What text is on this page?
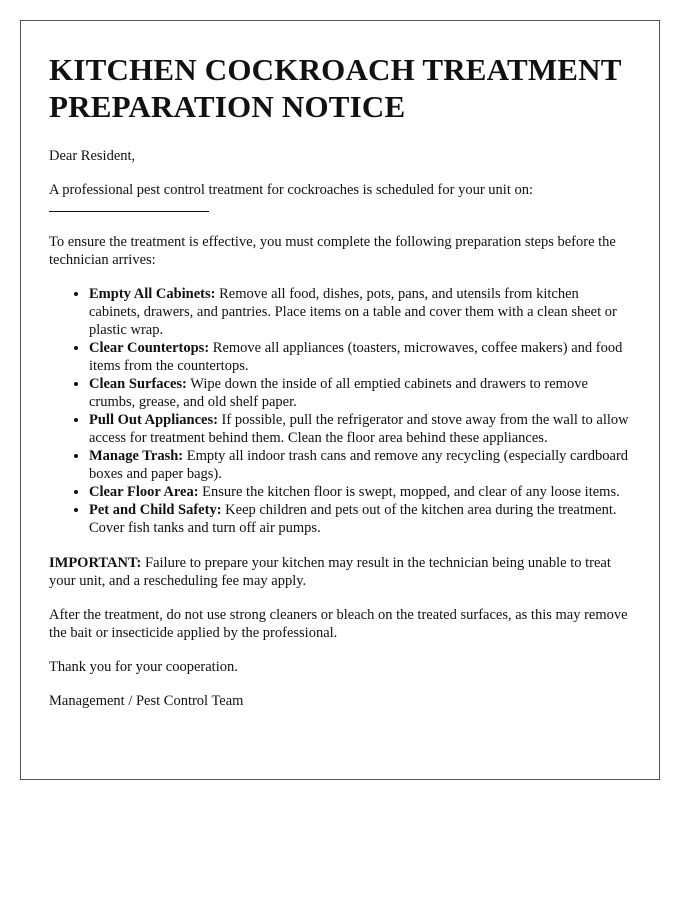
KITCHEN COCKROACH TREATMENT PREPARATION NOTICE

Dear Resident,

A professional pest control treatment for cockroaches is scheduled for your unit on:

To ensure the treatment is effective, you must complete the following preparation steps before the technician arrives:

• Empty All Cabinets: Remove all food, dishes, pots, pans, and utensils from kitchen cabinets, drawers, and pantries. Place items on a table and cover them with a clean sheet or plastic wrap.
• Clear Countertops: Remove all appliances (toasters, microwaves, coffee makers) and food items from the countertops.
• Clean Surfaces: Wipe down the inside of all emptied cabinets and drawers to remove crumbs, grease, and old shelf paper.
• Pull Out Appliances: If possible, pull the refrigerator and stove away from the wall to allow access for treatment behind them. Clean the floor area behind these appliances.
• Manage Trash: Empty all indoor trash cans and remove any recycling (especially cardboard boxes and paper bags).
• Clear Floor Area: Ensure the kitchen floor is swept, mopped, and clear of any loose items.
• Pet and Child Safety: Keep children and pets out of the kitchen area during the treatment. Cover fish tanks and turn off air pumps.

IMPORTANT: Failure to prepare your kitchen may result in the technician being unable to treat your unit, and a rescheduling fee may apply.

After the treatment, do not use strong cleaners or bleach on the treated surfaces, as this may remove the bait or insecticide applied by the professional.

Thank you for your cooperation.

Management / Pest Control Team
